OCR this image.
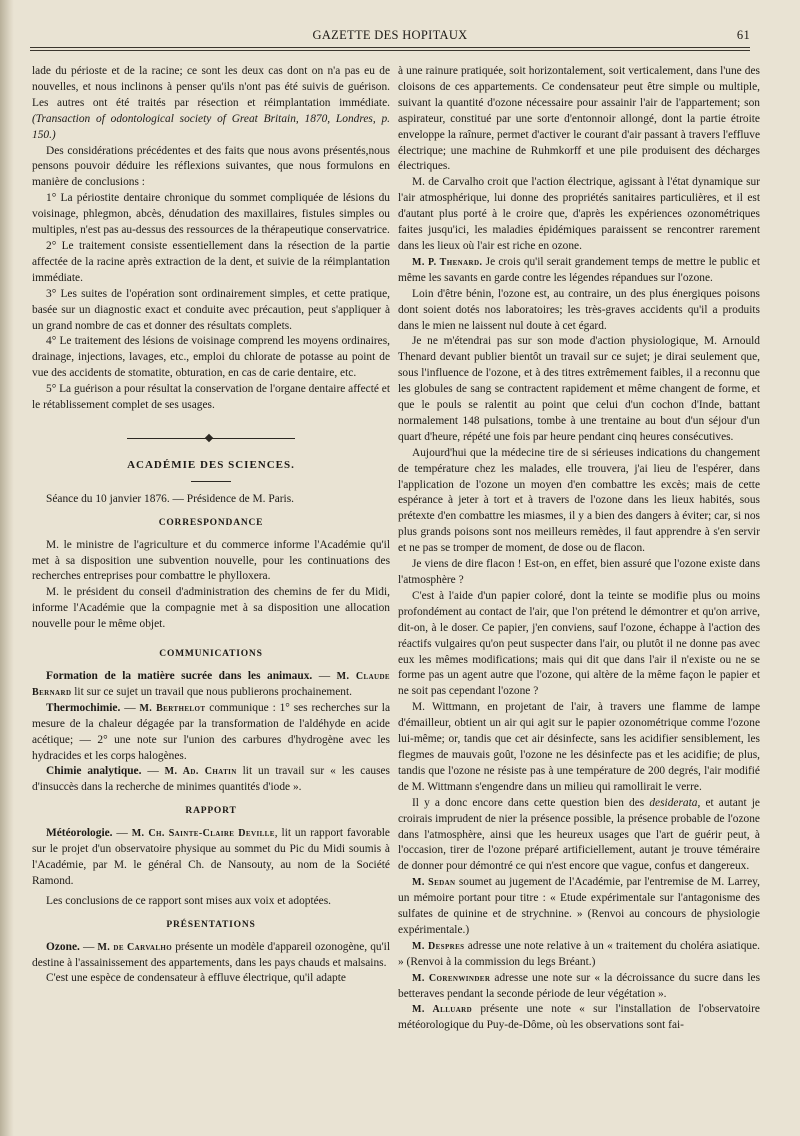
GAZETTE DES HOPITAUX	61

lade du périoste et de la racine; ce sont les deux cas dont on n'a pas eu de nouvelles, et nous inclinons à penser qu'ils n'ont pas été suivis de guérison. Les autres ont été traités par résection et réimplantation immédiate. (Transaction of odontological society of Great Britain, 1870, Londres, p. 150.)

Des considérations précédentes et des faits que nous avons présentés,nous pensons pouvoir déduire les réflexions suivantes, que nous formulons en manière de conclusions :

1° La périostite dentaire chronique du sommet compliquée de lésions du voisinage, phlegmon, abcès, dénudation des maxillaires, fistules simples ou multiples, n'est pas au-dessus des ressources de la thérapeutique conservatrice.

2° Le traitement consiste essentiellement dans la résection de la partie affectée de la racine après extraction de la dent, et suivie de la réimplantation immédiate.

3° Les suites de l'opération sont ordinairement simples, et cette pratique, basée sur un diagnostic exact et conduite avec précaution, peut s'appliquer à un grand nombre de cas et donner des résultats complets.

4° Le traitement des lésions de voisinage comprend les moyens ordinaires, drainage, injections, lavages, etc., emploi du chlorate de potasse au point de vue des accidents de stomatite, obturation, en cas de carie dentaire, etc.

5° La guérison a pour résultat la conservation de l'organe dentaire affecté et le rétablissement complet de ses usages.

ACADÉMIE DES SCIENCES.

Séance du 10 janvier 1876. — Présidence de M. Paris.

CORRESPONDANCE

M. le ministre de l'agriculture et du commerce informe l'Académie qu'il met à sa disposition une subvention nouvelle, pour les continuations des recherches entreprises pour combattre le phylloxera.

M. le président du conseil d'administration des chemins de fer du Midi, informe l'Académie que la compagnie met à sa disposition une allocation nouvelle pour le même objet.

COMMUNICATIONS

Formation de la matière sucrée dans les animaux. — M. Claude Bernard lit sur ce sujet un travail que nous publierons prochainement.

Thermochimie. — M. Berthelot communique : 1° ses recherches sur la mesure de la chaleur dégagée par la transformation de l'aldéhyde en acide acétique; — 2° une note sur l'union des carbures d'hydrogène avec les hydracides et les corps halogènes.

Chimie analytique. — M. Ad. Chatin lit un travail sur « les causes d'insuccès dans la recherche de minimes quantités d'iode ».

RAPPORT

Météorologie. — M. Ch. Sainte-Claire Deville, lit un rapport favorable sur le projet d'un observatoire physique au sommet du Pic du Midi soumis à l'Académie, par M. le général Ch. de Nansouty, au nom de la Société Ramond.

Les conclusions de ce rapport sont mises aux voix et adoptées.

PRÉSENTATIONS

Ozone. — M. de Carvalho présente un modèle d'appareil ozonogène, qu'il destine à l'assainissement des appartements, dans les pays chauds et malsains.

C'est une espèce de condensateur à effluve électrique, qu'il adapte

à une rainure pratiquée, soit horizontalement, soit verticalement, dans l'une des cloisons de ces appartements. Ce condensateur peut être simple ou multiple, suivant la quantité d'ozone nécessaire pour assainir l'air de l'appartement; son aspirateur, constitué par une sorte d'entonnoir allongé, dont la partie étroite enveloppe la raînure, permet d'activer le courant d'air passant à travers l'effluve électrique; une machine de Ruhmkorff et une pile produisent des décharges électriques.

M. de Carvalho croit que l'action électrique, agissant à l'état dynamique sur l'air atmosphérique, lui donne des propriétés sanitaires particulières, et il est d'autant plus porté à le croire que, d'après les expériences ozonométriques faites jusqu'ici, les maladies épidémiques paraissent se rencontrer rarement dans les lieux où l'air est riche en ozone.

M. P. Thenard. Je crois qu'il serait grandement temps de mettre le public et même les savants en garde contre les légendes répandues sur l'ozone.

Loin d'être bénin, l'ozone est, au contraire, un des plus énergiques poisons dont soient dotés nos laboratoires; les très-graves accidents qu'il a produits dans le mien ne laissent nul doute à cet égard.

Je ne m'étendrai pas sur son mode d'action physiologique, M. Arnould Thenard devant publier bientôt un travail sur ce sujet; je dirai seulement que, sous l'influence de l'ozone, et à des titres extrêmement faibles, il a reconnu que les globules de sang se contractent rapidement et même changent de forme, et que le pouls se ralentit au point que celui d'un cochon d'Inde, battant normalement 148 pulsations, tombe à une trentaine au bout d'un séjour d'un quart d'heure, répété une fois par heure pendant cinq heures consécutives.

Aujourd'hui que la médecine tire de si sérieuses indications du changement de température chez les malades, elle trouvera, j'ai lieu de l'espérer, dans l'application de l'ozone un moyen d'en combattre les excès; mais de cette espérance à jeter à tort et à travers de l'ozone dans les lieux habités, sous prétexte d'en combattre les miasmes, il y a bien des dangers à éviter; car, si nos plus grands poisons sont nos meilleurs remèdes, il faut apprendre à s'en servir et ne pas se tromper de moment, de dose ou de flacon.

Je viens de dire flacon ! Est-on, en effet, bien assuré que l'ozone existe dans l'atmosphère ?

C'est à l'aide d'un papier coloré, dont la teinte se modifie plus ou moins profondément au contact de l'air, que l'on prétend le démontrer et qu'on arrive, dit-on, à le doser. Ce papier, j'en conviens, sauf l'ozone, échappe à l'action des réactifs vulgaires qu'on peut suspecter dans l'air, ou plutôt il ne donne pas avec eux les mêmes modifications; mais qui dit que dans l'air il n'existe ou ne se forme pas un agent autre que l'ozone, qui altère de la même façon le papier et ne soit pas cependant l'ozone ?

M. Wittmann, en projetant de l'air, à travers une flamme de lampe d'émailleur, obtient un air qui agit sur le papier ozonométrique comme l'ozone lui-même; or, tandis que cet air désinfecte, sans les acidifier sensiblement, les flegmes de mauvais goût, l'ozone ne les désinfecte pas et les acidifie; de plus, tandis que l'ozone ne résiste pas à une température de 200 degrés, l'air modifié de M. Wittmann s'engendre dans un milieu qui ramollirait le verre.

Il y a donc encore dans cette question bien des desiderata, et autant je croirais imprudent de nier la présence possible, la présence probable de l'ozone dans l'atmosphère, ainsi que les heureux usages que l'art de guérir peut, à l'occasion, tirer de l'ozone préparé artificiellement, autant je trouve téméraire de donner pour démontré ce qui n'est encore que vague, confus et dangereux.

M. Sedan soumet au jugement de l'Académie, par l'entremise de M. Larrey, un mémoire portant pour titre : « Etude expérimentale sur l'antagonisme des sulfates de quinine et de strychnine. » (Renvoi au concours de physiologie expérimentale.)

M. Despres adresse une note relative à un « traitement du choléra asiatique. » (Renvoi à la commission du legs Bréant.)

M. Corenwinder adresse une note sur « la décroissance du sucre dans les betteraves pendant la seconde période de leur végétation ».

M. Alluard présente une note « sur l'installation de l'observatoire météorologique du Puy-de-Dôme, où les observations sont fai-
